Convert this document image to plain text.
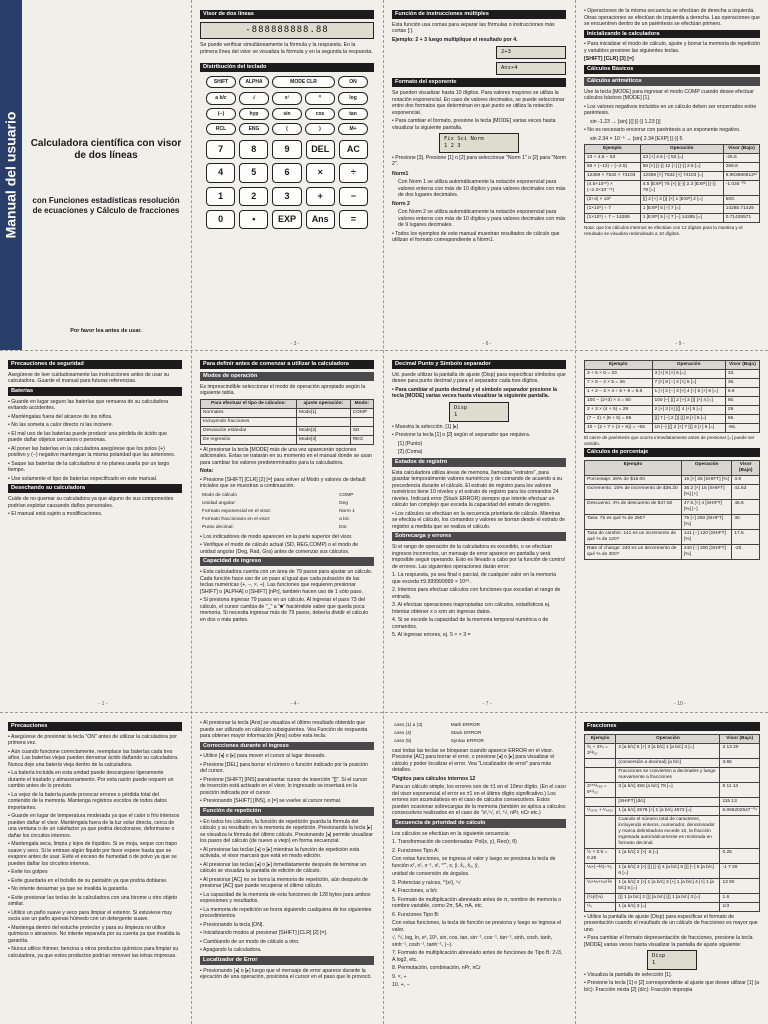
Manual del usuario Calculadora científica con visor de dos líneas
con Funciones estadísticas resolución de ecuaciones y Cálculo de fracciones
Por favor lea antes de usar.
Visor de dos líneas
-888888888.88

Se puede verificar simultáneamente la fórmula y la respuesta. En la primera línea del visor se visualiza la fórmula y en la segunda la respuesta.

Distribución del teclado
SHIFT	ALPHA	MODE CLR	ON
a b/c	√	x²	^	log
(−)	hyp	sin	cos	tan
RCL	ENG	(	)	M+
7	8	9	DEL	AC
4	5	6	×	÷
1	2	3	+	−
0	•	EXP	Ans	=
- 3 -
Función de instrucciones múltiples

Esta función usa comas para separar las fórmulas o instrucciones más cortas [:].

Ejemplo: 2 + 3 luego multiplique el resultado por 4.

2+3
Ans×4
Formato del exponente

Se pueden visualizar hasta 10 dígitos. Para valores mayores se utiliza la notación exponencial. En caso de valores decimales, se puede seleccionar entre dos formatos que determinan en qué punto se utiliza la notación exponencial.

• Para cambiar el formato, presione la tecla [MODE] varias veces hasta visualizar la siguiente pantalla.
Fix Sci Norm
1 2 3
• Presione [3]. Presione [1] o [2] para seleccionar "Norm 1" o [2] para "Norm 2".

Norm1

Con Norm 1 se utiliza automáticamente la notación exponencial para valores enteros con más de 10 dígitos y para valores decimales con más de dos lugares decimales.

Norm 2

Con Norm 2 se utiliza automáticamente la notación exponencial para valores enteros con más de 10 dígitos y para valores decimales con más de 9 lugares decimales.

• Todos los ejemplos de este manual muestran resultados de cálculo que utilizan el formato correspondiente a Norm1.
- 6 -
• Operaciones de la misma secuencia se efectúan de derecha a izquierda. Otras operaciones se efectúan de izquierda a derecha. Las operaciones que se encuentren dentro de un paréntesis se efectúan primero.
Inicializando la calculadora
• Para inicializar el modo de cálculo, ajuste y borrar la memoria de repetición y variables presione las siguientes teclas.

[SHIFT] [CLR] [3] [=]

Cálculos Básicos
Cálculos aritméticos

Use la tecla [MODE] para ingresar el modo COMP cuando desee efectuar cálculos básicos [MODE] [1].

• Los valores negativos incluidos en un cálculo deben ser encerrados entre paréntesis.

sin -1.23 → [sin] [(] [(-)] 1.23 [)]

• No es necesario encerrar con paréntesis a un exponente negativo.

sin 2.34 × 10⁻⁵ → [sin] 2.34 [EXP] [(-)] 5

Ejemplo	Operación	Visor (Bajo)
23 + 4.5 − 53	23 [+] 4.5 [−] 53 [=]	-25.5
56 × (−12) ÷ (−2.5)	56 [×] [(-)] 12 [÷] [(-)] 2.5 [=]	268.8
12369 × 7532 × 74103	12369 [×] 7532 [×] 74103 [=]	6.903680613¹²
(4.5×10⁷⁵) × (−2.3×10⁻⁷⁹)	4.5 [EXP] 75 [×] [(-)] 2.3 [EXP] [(-)] 79 [=]	-1.035⁻⁰³
(2+3) × 10²	[(] 2 [+] 3 [)] [×] 1 [EXP] 2 [=]	500.
(1×10⁵) ÷ 7	1 [EXP] 5 [÷] 7 [=]	14285.71429
(1×10⁵) ÷ 7 − 14285	1 [EXP] 5 [÷] 7 [−] 14285 [=]	0.71428571

Nota: que los cálculos internos se efectúan con 12 dígitos para la mantisa y el resultado se visualiza redondeado a 10 dígitos.

- 9 -
Precauciones de seguridad

Asegúrese de leer cuidadosamente las instrucciones antes de usar su calculadora. Guarde el manual para futuras referencias.

Baterías
• Guarde en lugar seguro las baterías que remueva de su calculadora evitando accidentes.
• Manténgalas fuera del alcance de los niños.
• No las someta a calor directo ni las incinere.
• El mal uso de las baterías puede producir una pérdida de ácido que puede dañar objetos cercanos o personas.
• Al poner las baterías en la calculadora asegúrese que los polos (+) positivo y (−) negativo mantengan la misma polaridad que las anteriores.
• Saque las baterías de la calculadora si no planea usarla por un largo tiempo.
• Use solamente el tipo de baterías especificado en este manual.
Desechando su calculadora

Cuide de no quemar su calculadora ya que alguno de sus componentes podrían explotar causando daños personales.

• El manual está sujeto a modificaciones.
- 1 -
Para definir antes de comenzar a utilizar la calculadora
Modos de operación

Es imprescindible seleccionar el modo de operación apropiado según la siguiente tabla.

Para efectuar el tipo de cálculos:	ajuste operación:	Modo:
Normales	Mode[1]	COMP
Incluyendo fracciones		
Desviación estándar	Mode[2]	SD
De regresión	Mode[3]	REG
• Al presionar la tecla [MODE] más de una vez aparecerán opciones adicionales. Estas se tratarán en su momento en el manual donde se usan para cambiar los valores predeterminados para la calculadora.

Nota:

• Presione [SHIFT] [CLR] [2] [=] para volver al Modo y valores de default iniciales que se muestran a continuación.
Modo de cálculo	COMP
Unidad angular:	Deg
Formato exponencial en el visor:	Norm 1
Formato fraccionario en el visor:	a b/c
Punto decimal:	Dot
• Los indicadores de modo aparecen en la parte superior del visor.
• Verifique el modo de cálculo actual (SD, REG,COMP) o el modo de unidad angular (Deg, Rad, Gra) antes de comenzar sus cálculos.
Capacidad de ingreso
• Esta calculadora cuenta con un área de 79 pasos para ajustar un cálculo. Cada función hace uso de un paso al igual que cada pulsación de las teclas numéricas (+, −, ×, ÷). Las funciones que requieren presionar [SHIFT] o [ALPHA] o [SHIFT] [nPr], también hacen uso de 1 sólo paso.
• Si presiona ingresar 79 pasos en un cálculo. Al ingresar el paso 73 del cálculo, el cursor cambia de "_" a "■" haciéndole saber que queda poca memoria. Si necesita ingresar más de 79 pasos, debería dividir el cálculo en dos o más partes.
- 4 -
Decimal Punto y Símbolo separador

Ud. puede utilizar la pantalla de ajuste (Disp) para especificar símbolos que desee para punto decimal y para el separador cada tres dígitos.

• Para cambiar el punto decimal y el símbolo separador presione la tecla [MODE] varias veces hasta visualizar la siguiente pantalla.
Disp
1
• Muestra la selección. [1] [▸]
• Presione la tecla [1] o [2] según el separador que requiera.

[1] (Punto)

[2] (Coma)

Estados de registro

Esta calculadora utiliza áreas de memoria, llamadas "estratos", para guardar temporalmente valores numéricos y de comando de acuerdo a su precedencia durante el cálculo. El estrato de registro para los valores numéricos tiene 10 niveles y el estrato de registro para los comandos 24 niveles. Indicará error (Stack ERROR) siempre que intente efectuar un cálculo tan complejo que exceda la capacidad del estrato de registro.

• Los cálculos se efectúan en la secuencia prioritaria de cálculo. Mientras se efectúa el cálculo, los comandos y valores se borran desde el estrato de registro a medida que se realiza el cálculo.
Sobrecarga y errores

Si el rango de operación de la calculadora es excedido, o se efectúan ingresos incorrectos, un mensaje de error aparece en pantalla y será imposible seguir operando. Esto es llevado a cabo por la función de control de errores. Las siguientes operaciones darán error:

1. La respuesta, ya sea final o parcial, de cualquier valor en la memoria que exceda ±9.999999999 × 10⁹⁹.
2. Intentos para efectuar cálculos con funciones que excedan el rango de entrada.
3. Al efectuar operaciones inapropiadas con cálculos, estadísticos ej. Intentar obtener x o xσn sin ingresar datos.
4. Si se excede la capacidad de la memoria temporal numérica o de comandos.
5. Al ingresar errores, ej. 5 × × 3 =
- 7 -
Ejemplo	Operación	Visor (Bajo)
3 + 5 × 6 = 33	3 [+] 5 [×] 6 [=]	33.
7 × 8 − 4 × 5 = 36	7 [×] 8 [−] 4 [×] 5 [=]	36.
1 + 2 − 3 × 4 ÷ 5 + 6 = 6.6	1 [+] 2 [−] 3 [×] 4 [÷] 5 [+] 6 [=]	6.6
100 − (2+3) × 4 = 80	100 [−] [(] 2 [+] 3 [)] [×] 4 [=]	80.
2 + 3 × (4 + 5) = 29	2 [+] 3 [×] [(] 4 [+] 5 [=]	29.
(7 − 2) × (8 + 5) = 65	[(] 7 [−] 2 [)] [(] 8 [+] 5 [=]	65.
10 − {2 + 7 × (3 + 6)} = −55	10 [−] [(] 2 [+] 7 [(] 3 [+] 6 [=]	-55.

El cierre de paréntesis que ocurra inmediatamente antes de presionar [=] puede ser omitido.

Cálculos de porcentaje
Ejemplo	Operación	Visor (Bajo)
Porcentaje: 26% de $15.00	15 [×] 26 [SHIFT] [%]	3.9
Incremento: 15% de incremento de $36.20	36.2 [×] 15 [SHIFT] [%] [+]	41.63
Descuento: 4% de descuento de $47.50	47.5 [×] 4 [SHIFT] [%] [−]	45.6
Tasa: 75 es qué % de 250?	75 [÷] 250 [SHIFT] [%]	30.
Tasa de cambio: 141 es un incremento de qué % de 120?	141 [−] 120 [SHIFT] [%]	17.5
Rate of change: 240 es un decremento de qué % de 300?	240 [−] 300 [SHIFT] [%]	-20.
- 10 -
Precauciones
• Asegúrese de presionar la tecla "ON" antes de utilizar la calculadora por primera vez.
• Aún cuando funcione correctamente, reemplace las baterías cada tres años. Las baterías viejas pueden derramar ácido dañando su calculadora. Nunca deje una batería vieja dentro de la calculadora.
• La batería incluida en esta unidad puede descargarse ligeramente durante el traslado y almacenamiento. Por esta razón puede requerir un cambio antes de lo previsto.
• La vejez de la batería puede provocar errores o pérdida total del contenido de la memoria. Mantenga registros escritos de todos datos importantes.
• Guarde en lugar de temperatura moderada ya que el calor o frío intensos pueden dañar el visor. Manténgala fuera de la luz solar directa, cerca de una ventana o de un calefactor ya que podría decolorarse, deformarse o dañar los circuitos internos.
• Mantengala seca, limpia y lejos de líquidos. Si se moja, seque con trapo suave y seco. Si le entrase algún líquido por favor espere hasta que se evapore antes de usar. Evite el exceso de humedad o de polvo ya que se pueden dañar los circuitos internos.
• Evite los golpes
• Evite guardarla en el bolsillo de su pantalón ya que podría doblarse.
• No intente desarmar ya que se invalida la garantía.
• Evite presionar las teclas de la calculadora con una birome u otro objeto similar.
• Utilice un paño suave y seco para limpiar el exterior. Si estuviese muy sucia use un paño apenas húmedo con un detergente suave.
• Mantenga dentro del estuche protector y para su limpieza no utilice químicos o abrasivos. No intente repararla por su cuenta ya que invalida la garantía.
• Nunca utilice thinner, bencina u otros productos químicos para limpiar su calculadora, ya que estos productos podrían remover las letras impresas.
• Al presionar la tecla [Ans] se visualiza el último resultado obtenido que puede ser utilizado en cálculos subsiguientes. Vea Función de respuesta para obtener mayor información [Ans] sobre esta tecla.
Correcciones durante el ingreso
• Utilice [◂] o [▸] para mover el cursor al lugar deseado.
• Presione [DEL] para borrar el número o función indicado por la posición del cursor.
• Presione [SHIFT] [INS] parainsertar cursor de inserción "[]". Si el cursor de inserción está activado en el visor, lo ingresado se insertará en la posición indicada por el cursor.
• Presionando [SHIFT] [INS], o [=] se vuelve al cursor normal.
Función de repetición
• En todos los cálculos, la función de repetición guarda la fórmula del cálculo y su resultado en la memoria de repetición. Presionando la tecla [▸] se visualiza la fórmula del último cálculo. Presionando [◂] permite visualizar los pasos del cálculo (de nuevo a viejo) en forma secuencial.
• Al presionar las teclas [◂] o [▸] mientras la función de repetición esta activada, el visor marcará que está en modo edición.
• Al presionar las teclas [◂] o [▸] inmediatamente después de terminar un cálculo se visualiza la pantalla de edición de cálculo.
• Al presionar [AC] no se borra la memoria de repetición, aún después de presionar [AC] que puede recuperar el último cálculo.
• La capacidad de la memoria de esta funciones de 128 bytes para ambos expresiones y resultados.
• La memoria de repetición se borra siguiendo cualquiera de los siguientes procedimientos
• Presionando la tecla [ON].
• Inicializando modos al presionar [SHIFT] [CLR] [2] [=].
• Cambiando de un modo de cálculo a otro.
• Apagando la calculadora.
Localizador de Error
• Presionando [◂] o [▸] luego que el mensaje de error aparece durante la ejecución de una operación, posiciona el cursor en el paso que lo provocó.
caso (1) a (3)	Math ERROR
caso (4)	Stack ERROR
caso (5)	Syntax ERROR

casi todas las teclas se bloquean cuando aparece ERROR en el visor. Presione [AC] para borrar el error, o presione [◂] o [▸] para visualizar el cálculo y poder localizar el error. Vea "Localizador de error" para más detalles.

*Dígitos para cálculos internos 12

Para un cálculo simple, los errores son de ±1 en el 10mo dígito. (En el caso del visor exponencial el error es ±1 en el último dígito significativo.) Los errores son acumulativos en el caso de cálculos consecutivos. Estos pueden ocasionar sobrecargas de la memoria (también se aplica a cálculos consecutivos realizados en el caso de "xʸ,ˣ√, x!, ˣ√, nPr, nCr etc.)

Secuencia de prioridad de cálculo

Los cálculos se efectúan en la siguiente secuencia:

1. Transformación de coordenadas: Pol(x, y), Rec(r, θ)
2. Funciones Tipo A:
Con estas funciones, se ingresa el valor y luego se presiona la tecla de función x², x¹, x⁻¹, x!, °'", x, ŷ, x̂₁, x̂₂, ŷ,
unidad de conversión de ángulos.
3. Potencias y raíces, ^(xʸ), ˣ√
4. Fracciones, a b/c
5. Formato de multiplicación abreviado antes de π, nombre de memoria o nombre variable, como 2π, 5A, πA, etc.
6. Funciones Tipo B:
Con estas funciones, la tecla de función se presiona y luego se ingresa el valor.
√, ³√, log, ln, eˣ, 10ˣ, sin, cos, tan, sin⁻¹, cos⁻¹, tan⁻¹, sinh, cosh, tanh, sinh⁻¹, cosh⁻¹, tanh⁻¹, (−).
7. Formato de multiplicación abreviado antes de funciones de Tipo B: 2√3, A log2, etc.
8. Permutación, combinación, nPr, nCr
9. ×, ÷
10. +, −
Fracciones
Ejemplo	Operación	Visor (Bajo)
²⁄₅ + 3¹⁄₄ = 3¹³⁄₂₀	2 [a b/c] 5 [+] 3 [a b/c] 1 [a b/c] 4 [=]	3 13 20
	(conversión a decimal) [a b/c]	3.65
	Fracciones se convierten a decimales y luego nuevamente a fracciones	
3⁴⁵⁶/₇₈₉ = 8¹¹/₁₃	3 [a b/c] 456 [a b/c] 78 [=]	8 11 13
	[SHIFT] [d/c]	115 13
¹/₂₅₇₈ + ¹/₄₅₇₂	1 [a b/c] 2578 [+] 1 [a b/c] 4572 [=]	6.066202547⁻⁰⁴
	Cuando el número total de caracteres, incluyendo enteros, numerador, denominador y marca delimitadora excede 10, la fracción ingresada automáticamente es mostrada en formato decimal.	
½ × 0.5 = 0.25	1 [a b/c] 2 [×] .5 [=]	0.25
⅓×(−⅘)−⁵⁄₆	1 [a b/c] 3 [×] [(] [(-)] 4 [a b/c] 5 [)] [−] 5 [a b/c] 6 [=]	-1 7 30
½×⅓+¼×⅕	1 [a b/c] 2 [×] 1 [a b/c] 3 [+] 1 [a b/c] 4 [×] 1 [a b/c] 5 [=]	13 60
(½)/(⅓)	[(] 1 [a b/c] 2 [)] [a b/c] [(] 1 [a b/c] 3 [=]	1.6
¹/₃	1 [a b/c] 3 [=]	1/3
• Utilice la pantalla de ajuste (Disp) para especificar el formato de presentación cuando el resultado de un cálculo de fracciones es mayor que uno.
• Para cambiar el formato depresentación de fracciones, presione la tecla [MODE] varias veces hasta visualizar la pantalla de ajuste siguiente:
Disp
1
• Visualiza la pantalla de selección [1].
• Presione la tecla [1] o [2] correspondiente al ajuste que desee utilizar [1] (a b/c): Fracción mixta [2] (d/c): Fracción impropia
